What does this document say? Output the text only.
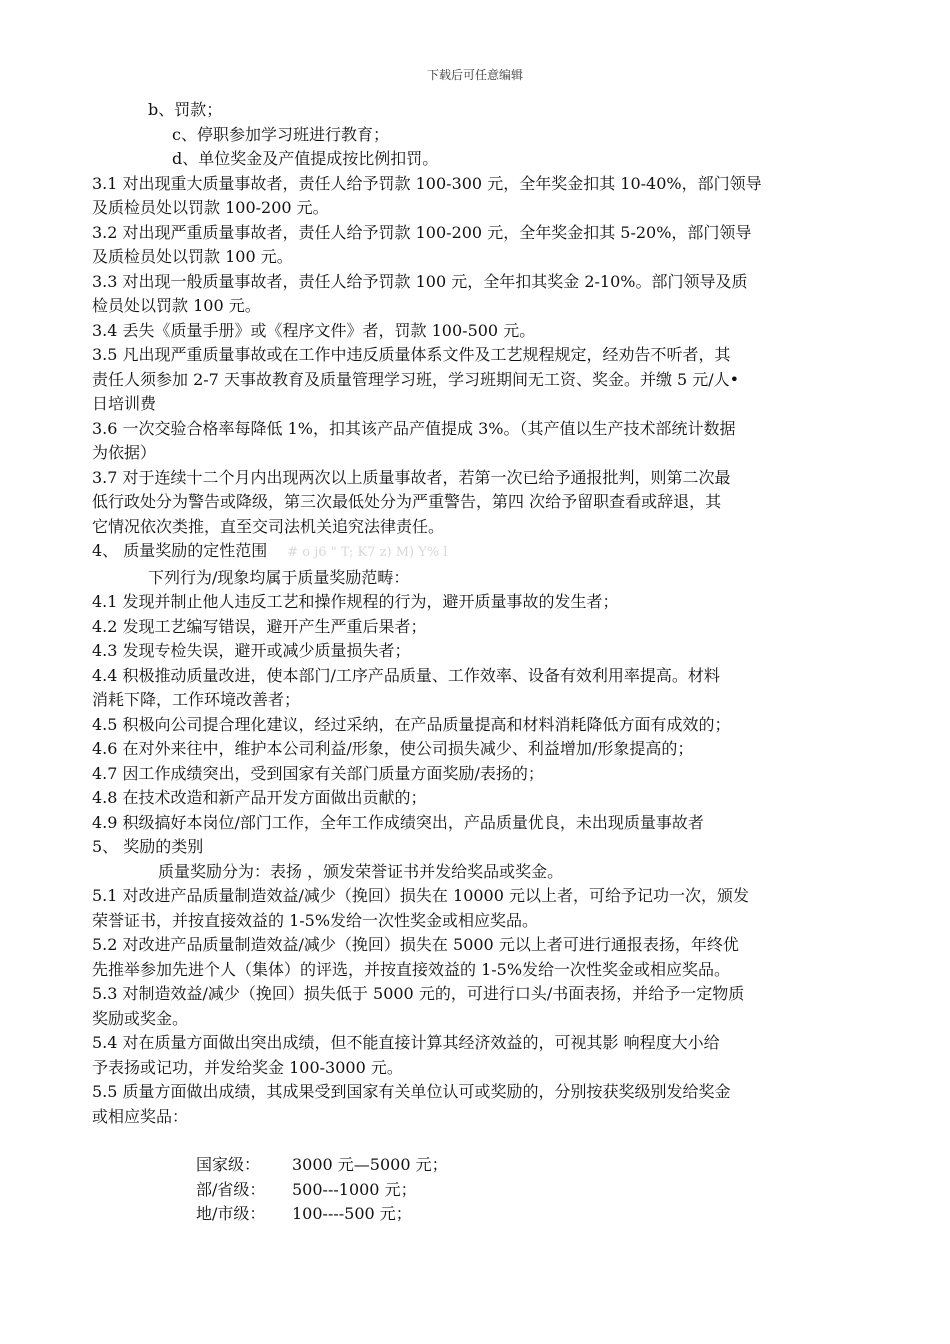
下载后可任意编辑
b、罚款；
c、停职参加学习班进行教育；
d、单位奖金及产值提成按比例扣罚。
3.1 对出现重大质量事故者，责任人给予罚款 100-300 元，全年奖金扣其 10-40%，部门领导
及质检员处以罚款 100-200 元。
3.2 对出现严重质量事故者，责任人给予罚款 100-200 元，全年奖金扣其 5-20%，部门领导
及质检员处以罚款 100 元。
3.3 对出现一般质量事故者，责任人给予罚款 100 元，全年扣其奖金 2-10%。部门领导及质
检员处以罚款 100 元。
3.4 丢失《质量手册》或《程序文件》者，罚款 100-500 元。
3.5 凡出现严重质量事故或在工作中违反质量体系文件及工艺规程规定，经劝告不听者，其
责任人须参加 2-7 天事故教育及质量管理学习班，学习班期间无工资、奖金。并缴 5 元/人•
日培训费
3.6 一次交验合格率每降低 1%，扣其该产品产值提成 3%。（其产值以生产技术部统计数据
为依据）
3.7 对于连续十二个月内出现两次以上质量事故者，若第一次已给予通报批判，则第二次最
低行政处分为警告或降级，第三次最低处分为严重警告，第四 次给予留职查看或辞退，其
它情况依次类推，直至交司法机关追究法律责任。
4、 质量奖励的定性范围 # o j6 " T; K7 z) M) Y% l
下列行为/现象均属于质量奖励范畴：
4.1 发现并制止他人违反工艺和操作规程的行为，避开质量事故的发生者；
4.2 发现工艺编写错误，避开产生严重后果者；
4.3 发现专检失误，避开或减少质量损失者；
4.4 积极推动质量改进，使本部门/工序产品质量、工作效率、设备有效利用率提高。材料
消耗下降，工作环境改善者；
4.5 积极向公司提合理化建议，经过采纳，在产品质量提高和材料消耗降低方面有成效的；
4.6 在对外来往中，维护本公司利益/形象，使公司损失减少、利益增加/形象提高的；
4.7 因工作成绩突出，受到国家有关部门质量方面奖励/表扬的；
4.8 在技术改造和新产品开发方面做出贡献的；
4.9 积级搞好本岗位/部门工作，全年工作成绩突出，产品质量优良，未出现质量事故者
5、 奖励的类别
质量奖励分为：表扬 ，颁发荣誉证书并发给奖品或奖金。
5.1 对改进产品质量制造效益/减少（挽回）损失在 10000 元以上者，可给予记功一次，颁发
荣誉证书，并按直接效益的 1-5%发给一次性奖金或相应奖品。
5.2 对改进产品质量制造效益/减少（挽回）损失在 5000 元以上者可进行通报表扬，年终优
先推举参加先进个人（集体）的评选，并按直接效益的 1-5%发给一次性奖金或相应奖品。
5.3 对制造效益/减少（挽回）损失低于 5000 元的，可进行口头/书面表扬，并给予一定物质
奖励或奖金。
5.4 对在质量方面做出突出成绩，但不能直接计算其经济效益的，可视其影 响程度大小给
予表扬或记功，并发给奖金 100-3000 元。
5.5 质量方面做出成绩，其成果受到国家有关单位认可或奖励的，分别按获奖级别发给奖金
或相应奖品：
国家级： 3000 元—5000 元；
部/省级： 500---1000 元；
地/市级： 100----500 元；
